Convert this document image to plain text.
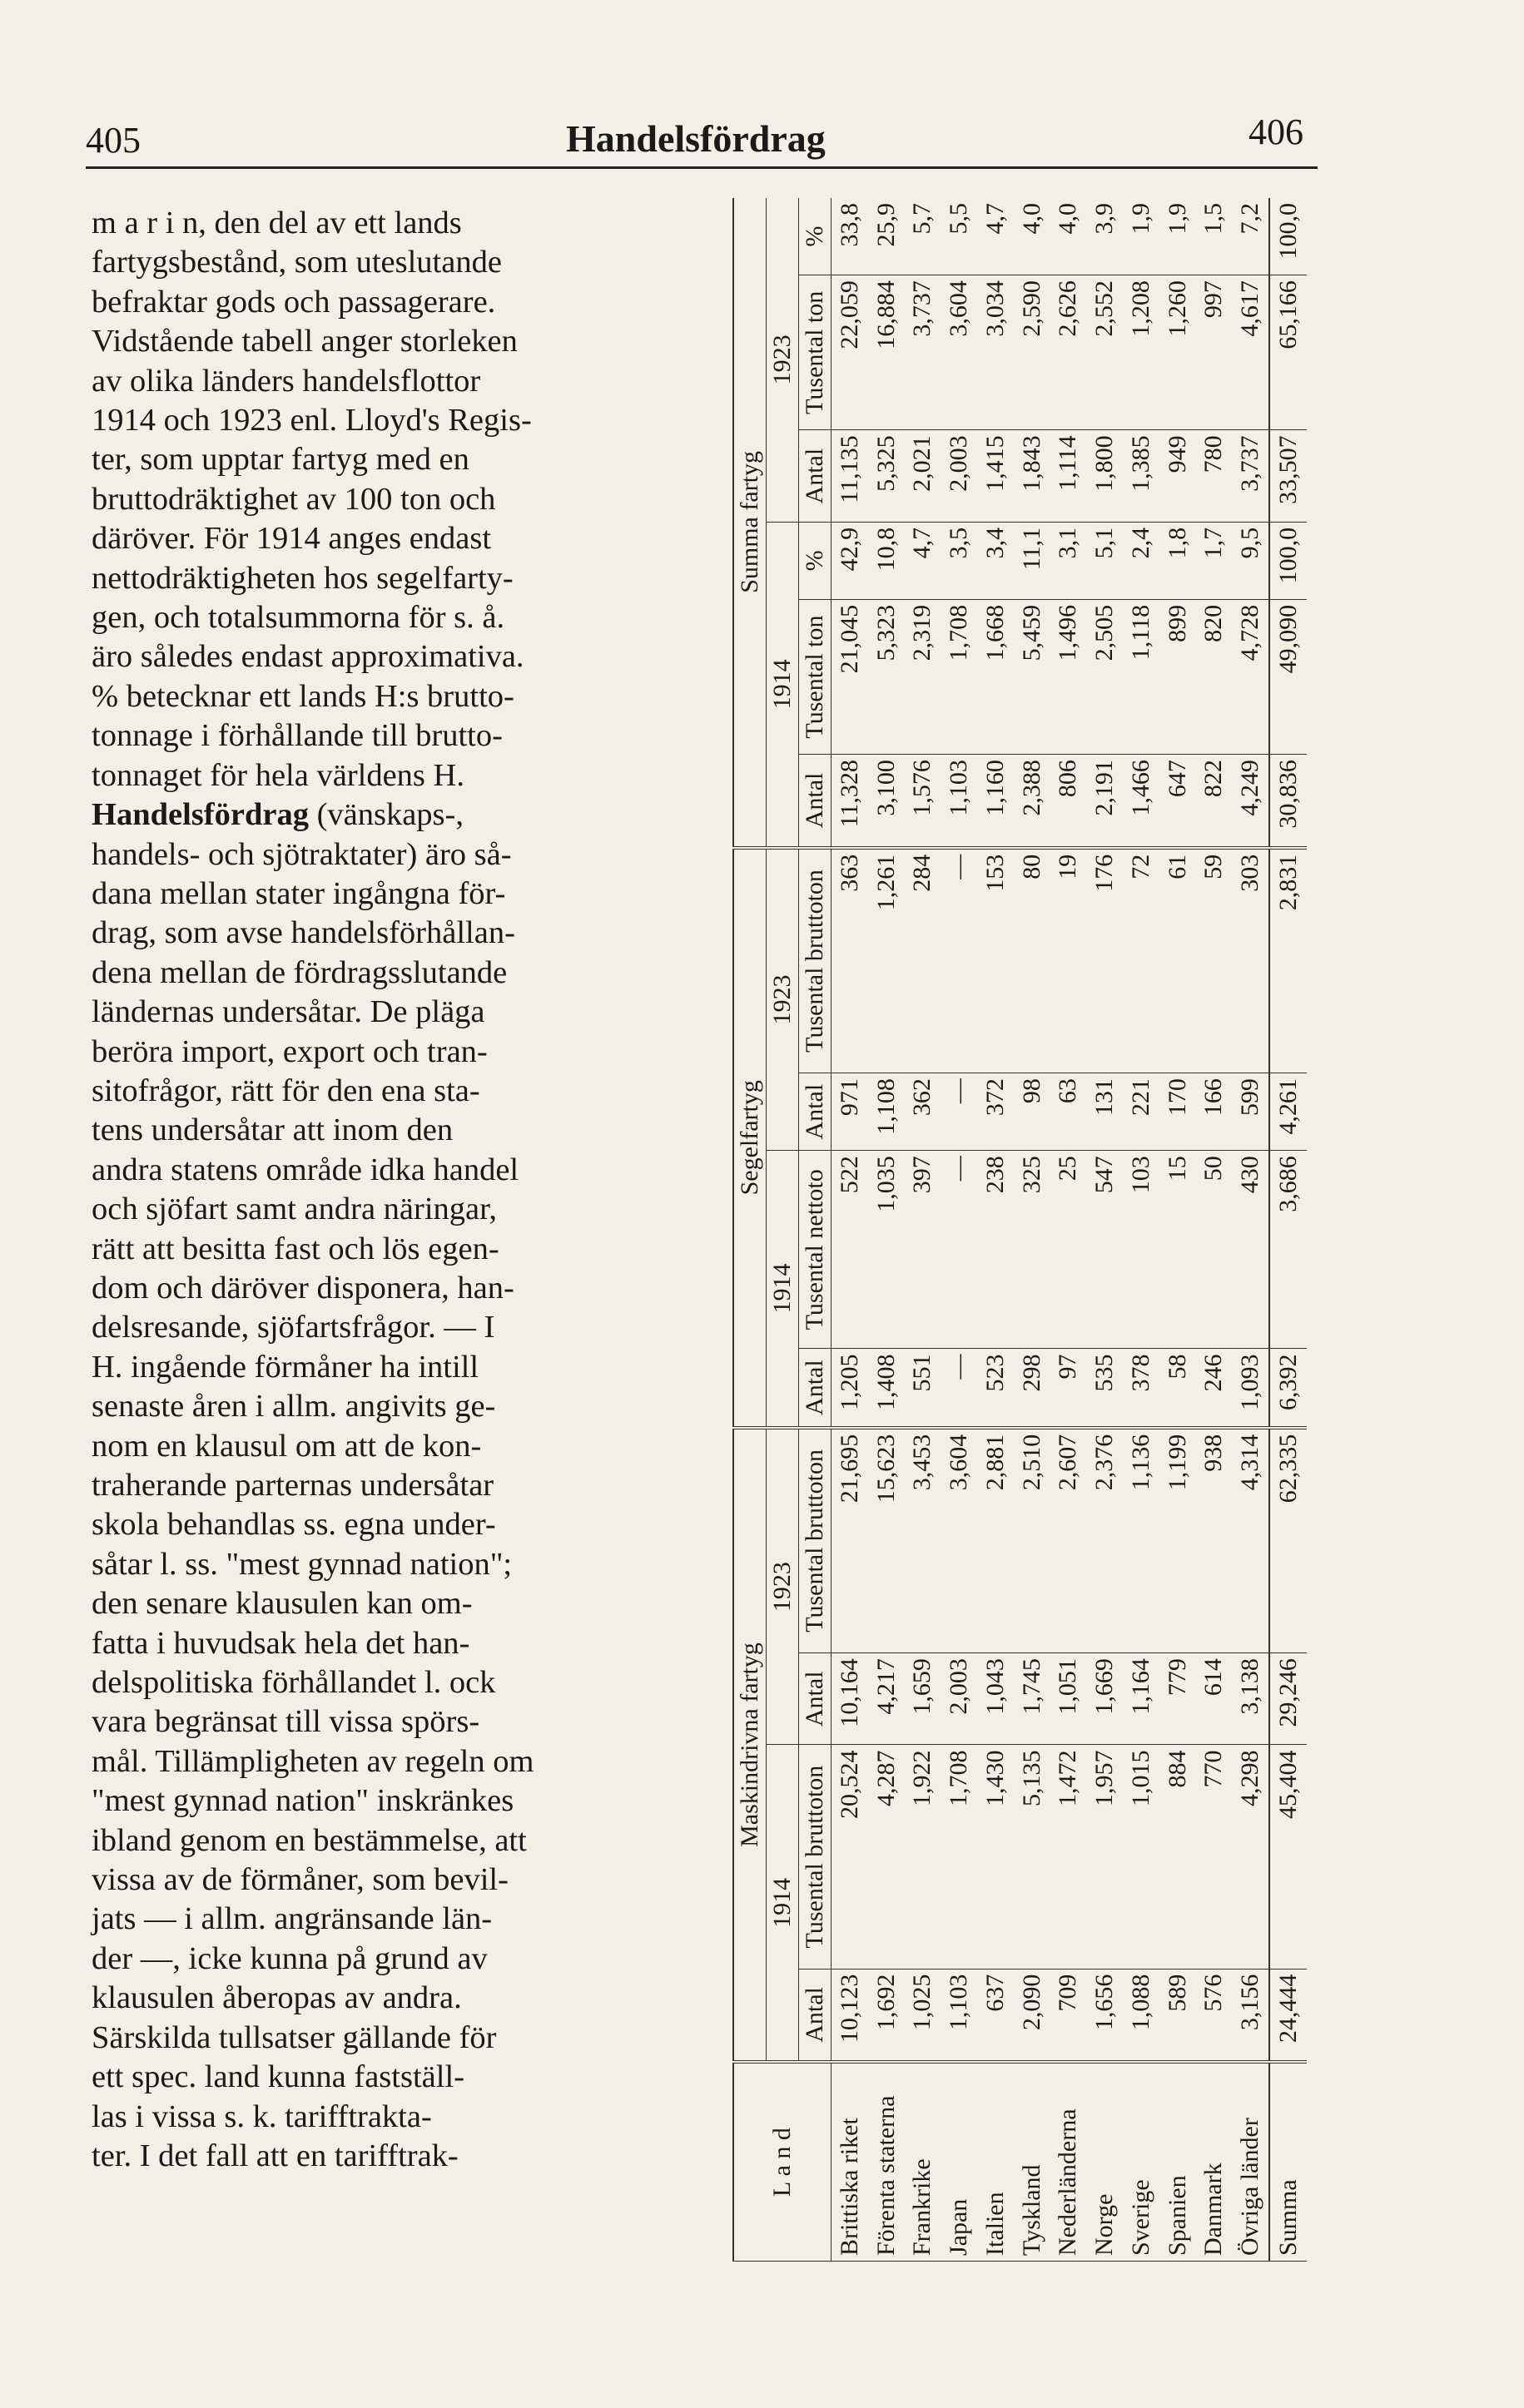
405	Handelsfördrag	406
m a r i n, den del av ett lands
fartygsbestånd, som uteslutande
befraktar gods och passagerare.
Vidstående tabell anger storleken
av olika länders handelsflottor
1914 och 1923 enl. Lloyd's Regis-
ter, som upptar fartyg med en
bruttodräktighet av 100 ton och
däröver. För 1914 anges endast
nettodräktigheten hos segelfarty-
gen, och totalsummorna för s. å.
äro således endast approximativa.
% betecknar ett lands H:s brutto-
tonnage i förhållande till brutto-
tonnaget för hela världens H.
Handelsfördrag (vänskaps-,
handels- och sjötraktater) äro så-
dana mellan stater ingångna för-
drag, som avse handelsförhållan-
dena mellan de fördragsslutande
ländernas undersåtar. De pläga
beröra import, export och tran-
sitofrågor, rätt för den ena sta-
tens undersåtar att inom den
andra statens område idka handel
och sjöfart samt andra näringar,
rätt att besitta fast och lös egen-
dom och däröver disponera, han-
delsresande, sjöfartsfrågor. — I
H. ingående förmåner ha intill
senaste åren i allm. angivits ge-
nom en klausul om att de kon-
traherande parternas undersåtar
skola behandlas ss. egna under-
såtar l. ss. "mest gynnad nation";
den senare klausulen kan om-
fatta i huvudsak hela det han-
delspolitiska förhållandet l. ock
vara begränsat till vissa spörs-
mål. Tillämpligheten av regeln om
"mest gynnad nation" inskränkes
ibland genom en bestämmelse, att
vissa av de förmåner, som bevil-
jats — i allm. angränsande län-
der —, icke kunna på grund av
klausulen åberopas av andra.
Särskilda tullsatser gällande för
ett spec. land kunna fastställ-
las i vissa s. k. tarifftrakta-
ter. I det fall att en tarifftrak-	L a n d	Maskindrivna fartyg				Segelfartyg				Summa fartyg					
	1914		1923		1914		1923		1914			1923		
	Antal	Tusental bruttoton	Antal	Tusental bruttoton	Antal	Tusental nettoto	Antal	Tusental bruttoton	Antal	Tusental ton	%	Antal	Tusental ton	%
Brittiska riket	10,123	20,524	10,164	21,695	1,205	522	971	363	11,328	21,045	42,9	11,135	22,059	33,8
Förenta staterna	1,692	4,287	4,217	15,623	1,408	1,035	1,108	1,261	3,100	5,323	10,8	5,325	16,884	25,9
Frankrike	1,025	1,922	1,659	3,453	551	397	362	284	1,576	2,319	4,7	2,021	3,737	5,7
Japan	1,103	1,708	2,003	3,604	—	—	—	—	1,103	1,708	3,5	2,003	3,604	5,5
Italien	637	1,430	1,043	2,881	523	238	372	153	1,160	1,668	3,4	1,415	3,034	4,7
Tyskland	2,090	5,135	1,745	2,510	298	325	98	80	2,388	5,459	11,1	1,843	2,590	4,0
Nederländerna	709	1,472	1,051	2,607	97	25	63	19	806	1,496	3,1	1,114	2,626	4,0
Norge	1,656	1,957	1,669	2,376	535	547	131	176	2,191	2,505	5,1	1,800	2,552	3,9
Sverige	1,088	1,015	1,164	1,136	378	103	221	72	1,466	1,118	2,4	1,385	1,208	1,9
Spanien	589	884	779	1,199	58	15	170	61	647	899	1,8	949	1,260	1,9
Danmark	576	770	614	938	246	50	166	59	822	820	1,7	780	997	1,5
Övriga länder	3,156	4,298	3,138	4,314	1,093	430	599	303	4,249	4,728	9,5	3,737	4,617	7,2
Summa	24,444	45,404	29,246	62,335	6,392	3,686	4,261	2,831	30,836	49,090	100,0	33,507	65,166	100,0
